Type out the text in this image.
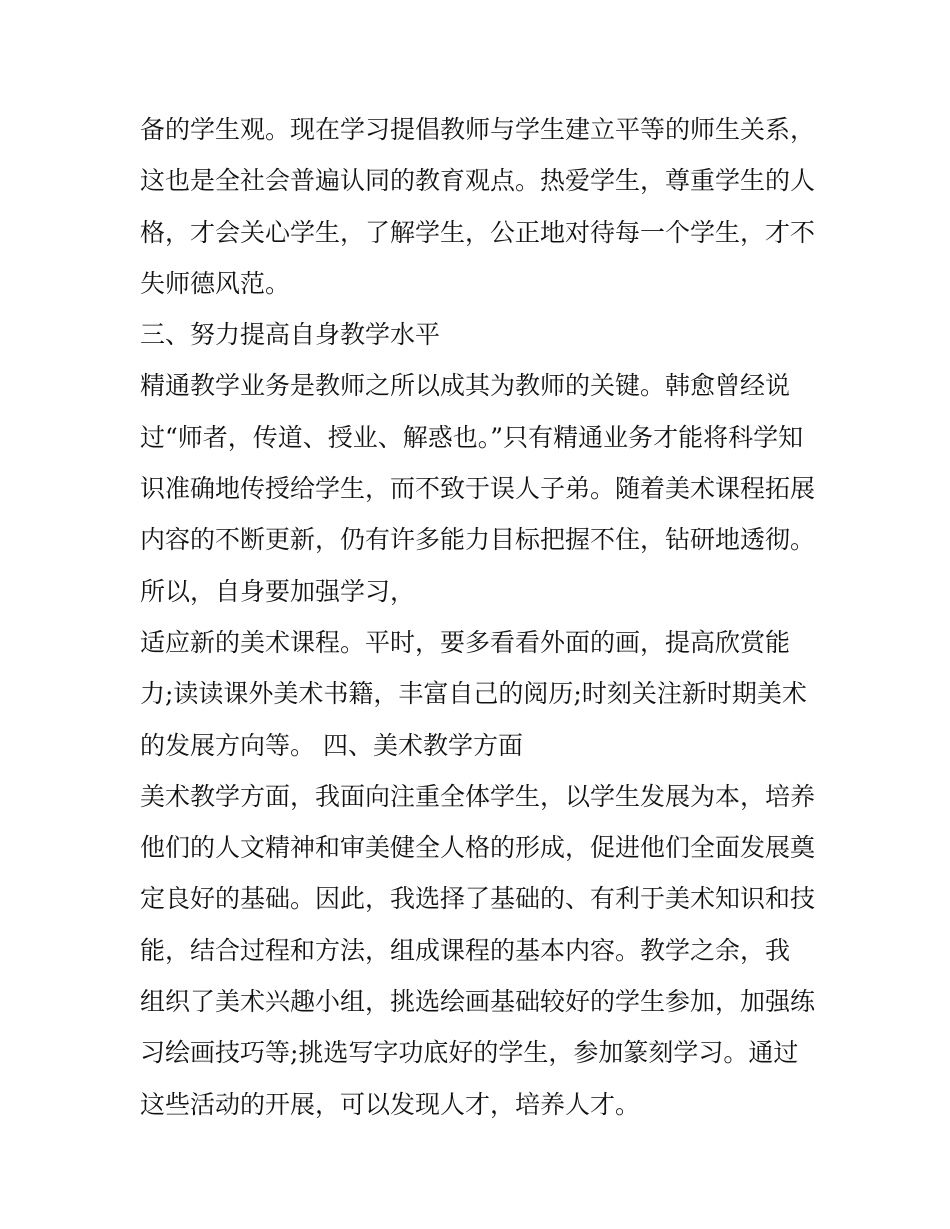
备的学生观。现在学习提倡教师与学生建立平等的师生关系，
这也是全社会普遍认同的教育观点。热爱学生，尊重学生的人
格，才会关心学生，了解学生，公正地对待每一个学生，才不
失师德风范。
三、努力提高自身教学水平
精通教学业务是教师之所以成其为教师的关键。韩愈曾经说
过“师者，传道、授业、解惑也。”只有精通业务才能将科学知
识准确地传授给学生，而不致于误人子弟。随着美术课程拓展
内容的不断更新，仍有许多能力目标把握不住，钻研地透彻。
所以，自身要加强学习，
适应新的美术课程。平时，要多看看外面的画，提高欣赏能
力;读读课外美术书籍，丰富自己的阅历;时刻关注新时期美术
的发展方向等。 四、美术教学方面
美术教学方面，我面向注重全体学生，以学生发展为本，培养
他们的人文精神和审美健全人格的形成，促进他们全面发展奠
定良好的基础。因此，我选择了基础的、有利于美术知识和技
能，结合过程和方法，组成课程的基本内容。教学之余，我
组织了美术兴趣小组，挑选绘画基础较好的学生参加，加强练
习绘画技巧等;挑选写字功底好的学生，参加篆刻学习。通过
这些活动的开展，可以发现人才，培养人才。
